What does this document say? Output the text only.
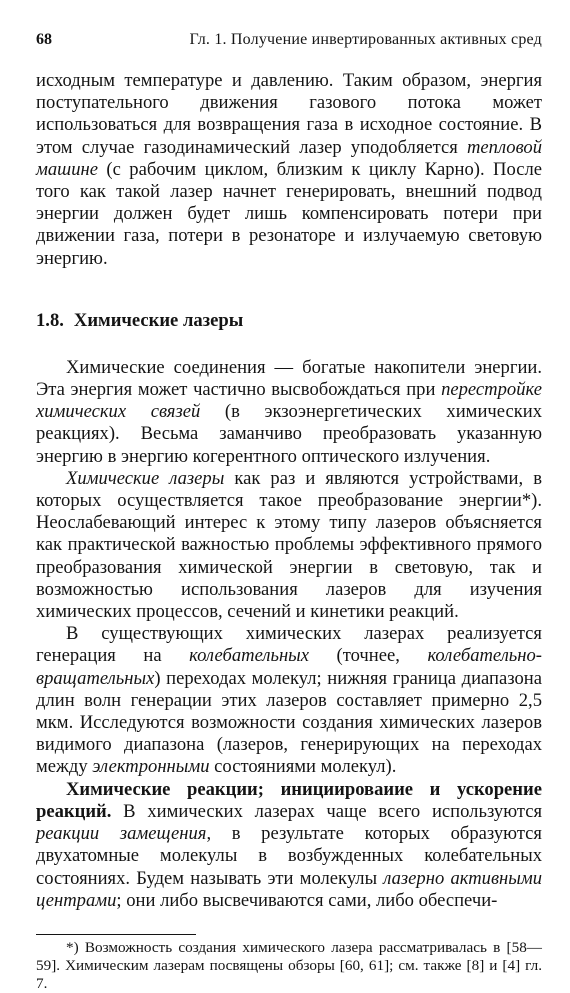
68	Гл. 1. Получение инвертированных активных сред

исходным температуре и давлению. Таким образом, энергия поступательного движения газового потока может использоваться для возвращения газа в исходное состояние. В этом случае газодинамический лазер уподобляется тепловой машине (с рабочим циклом, близким к циклу Карно). После того как такой лазер начнет генерировать, внешний подвод энергии должен будет лишь компенсировать потери при движении газа, потери в резонаторе и излучаемую световую энергию.

1.8. Химические лазеры

Химические соединения — богатые накопители энергии. Эта энергия может частично высвобождаться при перестройке химических связей (в экзоэнергетических химических реакциях). Весьма заманчиво преобразовать указанную энергию в энергию когерентного оптического излучения.

Химические лазеры как раз и являются устройствами, в которых осуществляется такое преобразование энергии*). Неослабевающий интерес к этому типу лазеров объясняется как практической важностью проблемы эффективного прямого преобразования химической энергии в световую, так и возможностью использования лазеров для изучения химических процессов, сечений и кинетики реакций.

В существующих химических лазерах реализуется генерация на колебательных (точнее, колебательно-вращательных) переходах молекул; нижняя граница диапазона длин волн генерации этих лазеров составляет примерно 2,5 мкм. Исследуются возможности создания химических лазеров видимого диапазона (лазеров, генерирующих на переходах между электронными состояниями молекул).

Химические реакции; инициироваиие и ускорение реакций. В химических лазерах чаще всего используются реакции замещения, в результате которых образуются двухатомные молекулы в возбужденных колебательных состояниях. Будем называть эти молекулы лазерно активными центрами; они либо высвечиваются сами, либо обеспечи-

*) Возможность создания химического лазера рассматривалась в [58—59]. Химическим лазерам посвящены обзоры [60, 61]; см. также [8] и [4] гл. 7.
